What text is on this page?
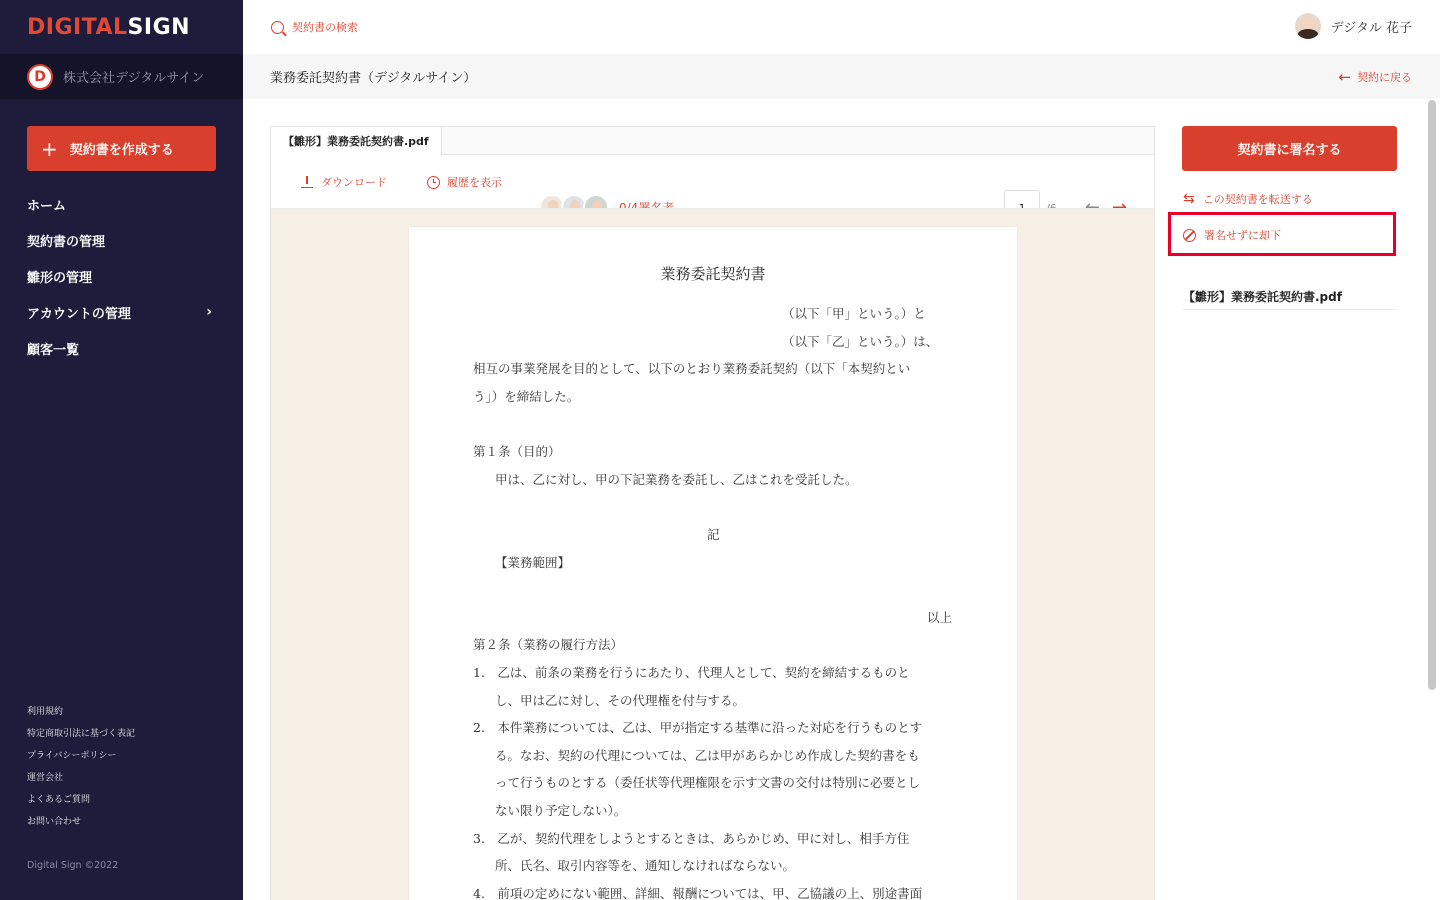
DIGITAL SIGN
D	株式会社デジタルサイン
+ 契約書を作成する
ホーム
契約書の管理
雛形の管理
アカウントの管理	›
顧客一覧
利用規約
特定商取引法に基づく表記
プライバシーポリシー
運営会社
よくあるご質問
お問い合わせ
Digital Sign ©2022
契約書の検索	デジタル 花子
業務委託契約書（デジタルサイン）	← 契約に戻る
【雛形】業務委託契約書.pdf
ダウンロード	履歴を表示
1
業務委託契約書
（以下「甲」という。）と
（以下「乙」という。）は、
相互の事業発展を目的として、以下のとおり業務委託契約（以下「本契約とい
う」）を締結した。
第１条（目的）
甲は、乙に対し、甲の下記業務を委託し、乙はこれを受託した。
記
【業務範囲】
以上
第２条（業務の履行方法）
1.　乙は、前条の業務を行うにあたり、代理人として、契約を締結するものと
し、甲は乙に対し、その代理権を付与する。
2.　本件業務については、乙は、甲が指定する基準に沿った対応を行うものとす
る。なお、契約の代理については、乙は甲があらかじめ作成した契約書をも
って行うものとする（委任状等代理権限を示す文書の交付は特別に必要とし
ない限り予定しない）。
3.　乙が、契約代理をしようとするときは、あらかじめ、甲に対し、相手方住
所、氏名、取引内容等を、通知しなければならない。
4.　前項の定めにない範囲、詳細、報酬については、甲、乙協議の上、別途書面
契約書に署名する
⇆ この契約書を転送する
署名せずに却下
【雛形】業務委託契約書.pdf
